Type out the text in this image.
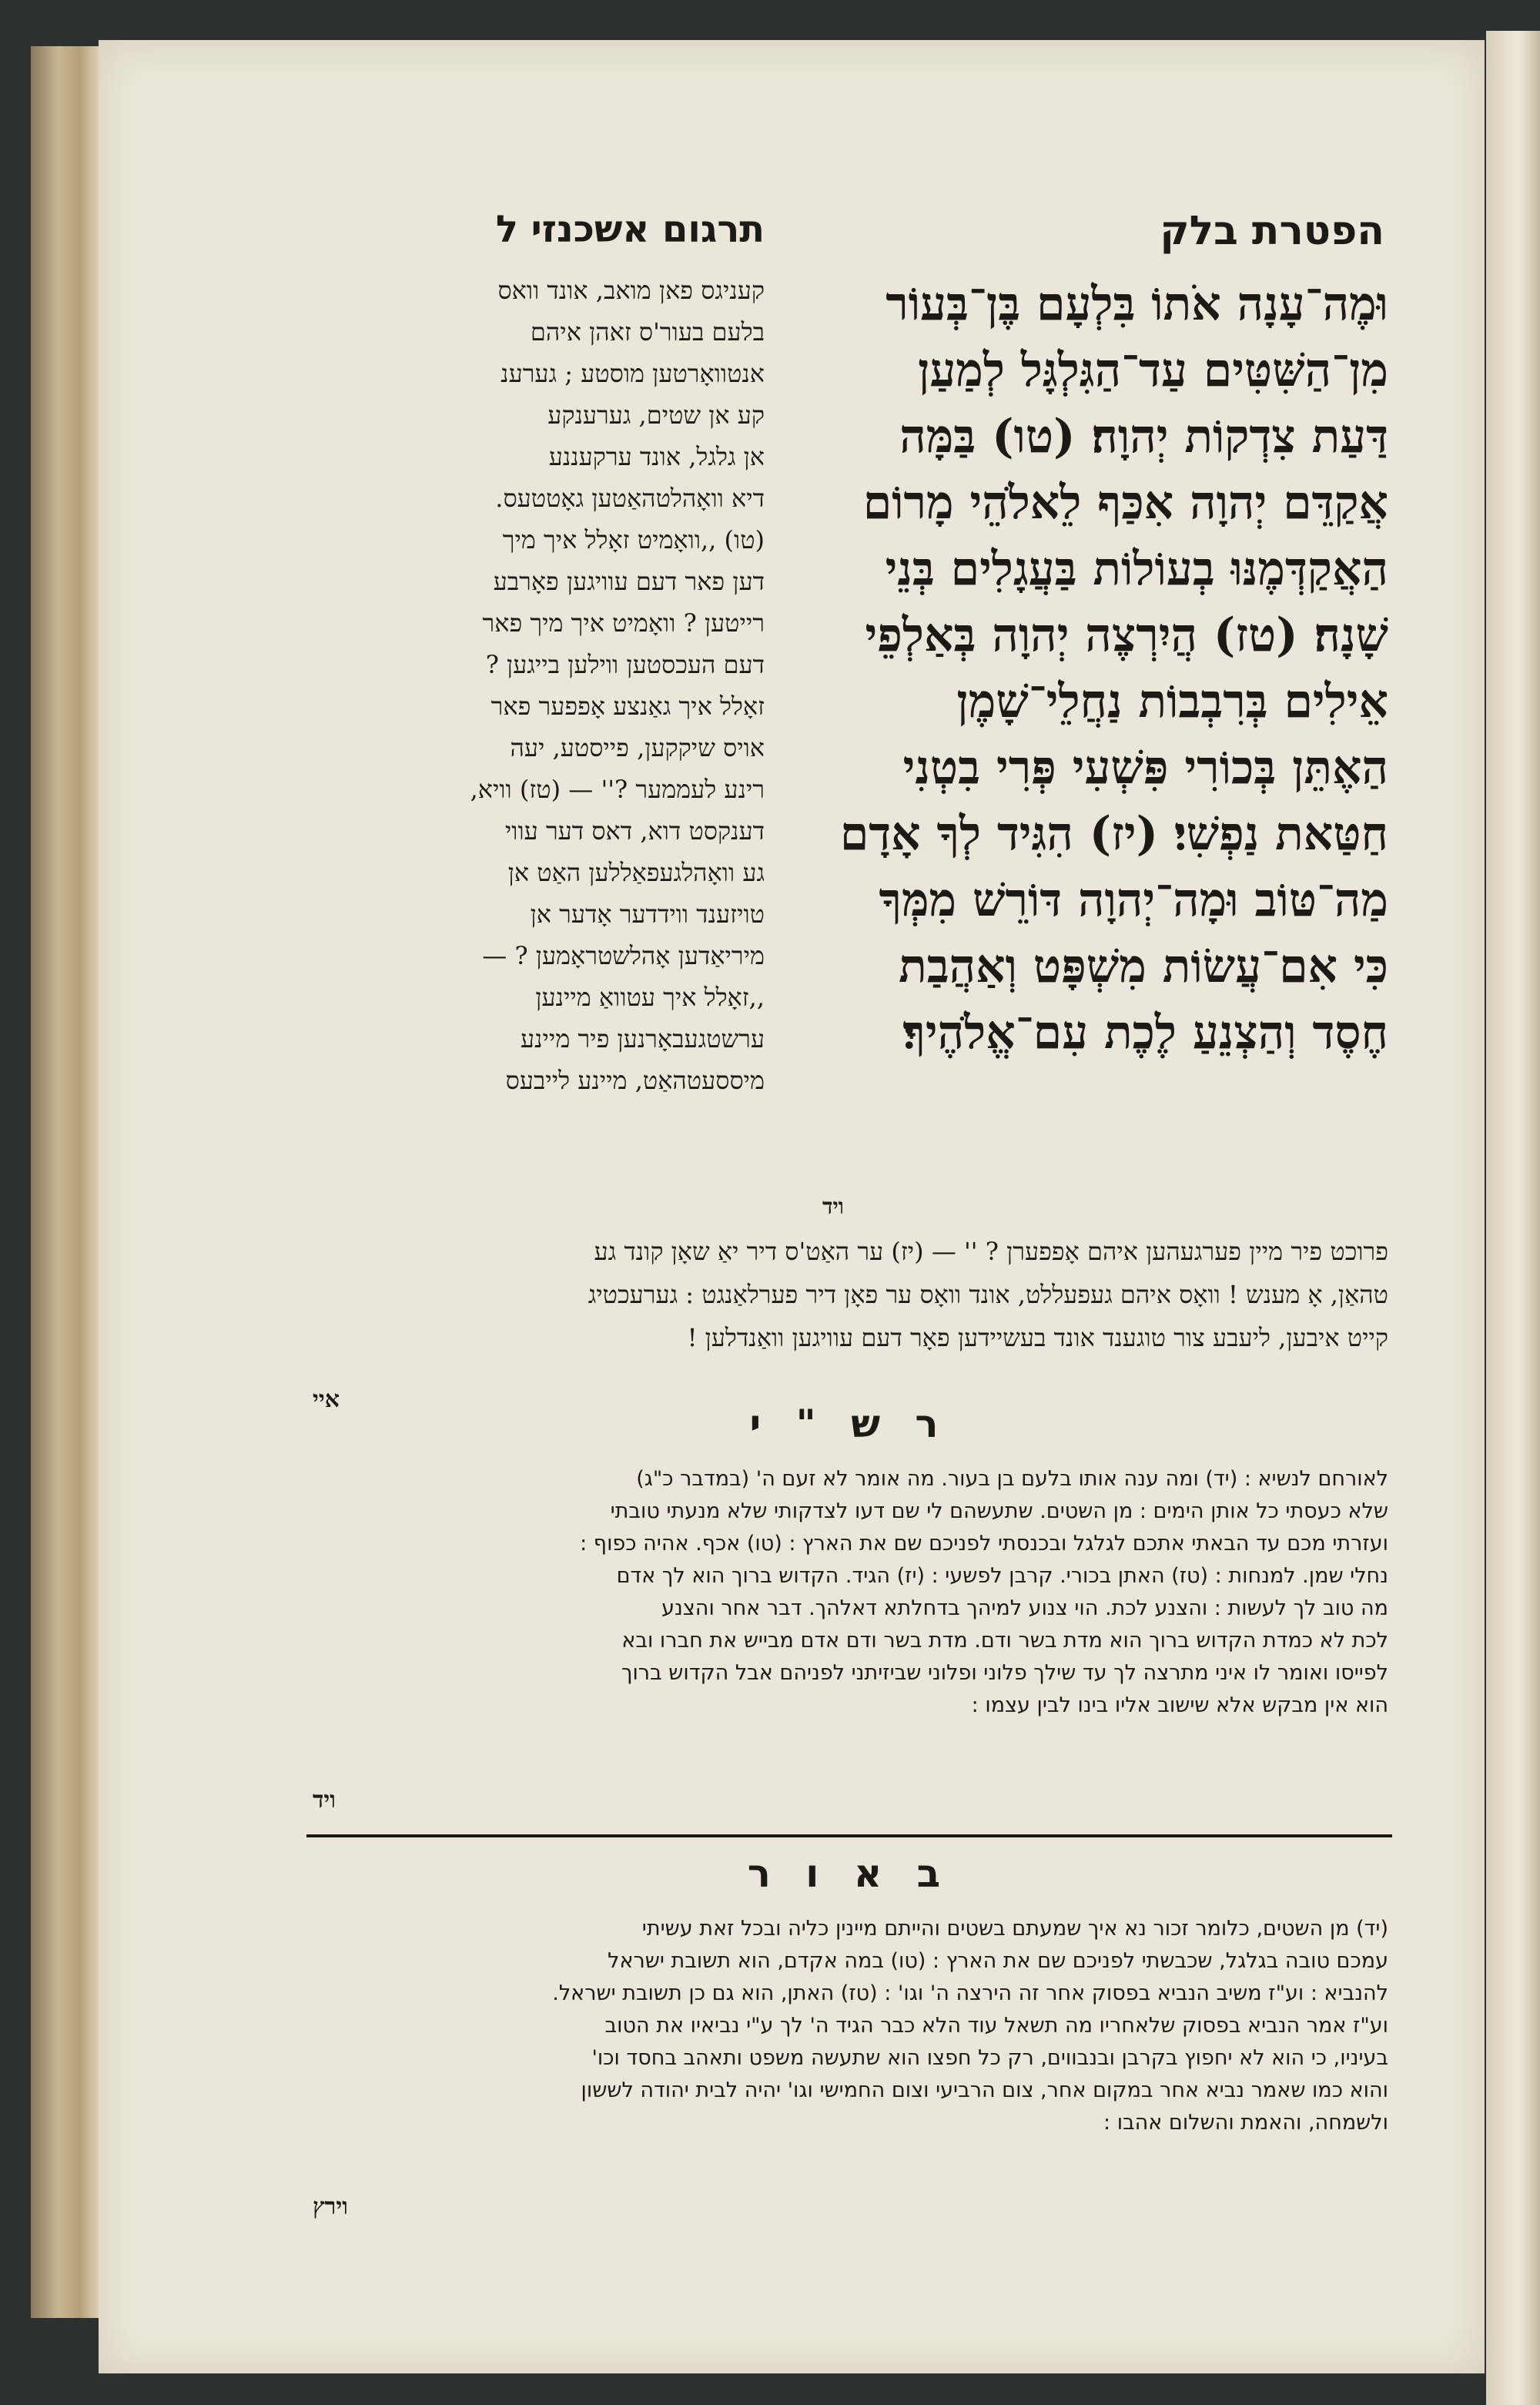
תרגום אשכנזי ל	הפטרת בלק
וּמֶה־עָנָה אֹתוֹ בִּלְעָם בֶּן־בְּעוֹר
מִן־הַשִּׁטִּים עַד־הַגִּלְגָּל לְמַעַן
דַּעַת צִדְקוֹת יְהוָה׃ (טו) בַּמָּה
אֲקַדֵּם יְהוָה אִכַּף לֵאלֹהֵי מָרוֹם
הַאֲקַדְּמֶנּוּ בְעוֹלוֹת בַּעֲגָלִים בְּנֵי
שָׁנָה׃ (טז) הֲיִרְצֶה יְהוָה בְּאַלְפֵי
אֵילִים בְּרִבְבוֹת נַחֲלֵי־שָׁמֶן
הַאֶתֵּן בְּכוֹרִי פִּשְׁעִי פְּרִי בִטְנִי
חַטַּאת נַפְשִׁי׃ (יז) הִגִּיד לְךָ אָדָם
מַה־טּוֹב וּמָה־יְהוָה דּוֹרֵשׁ מִמְּךָ
כִּי אִם־עֲשׂוֹת מִשְׁפָּט וְאַהֲבַת
חֶסֶד וְהַצְנֵעַ לֶכֶת עִם־אֱלֹהֶיךָ׃
ויד
קעניגס פאן מואב, אונד וואס
בלעם בעור'ס זאהן איהם
אנטוואָרטען מוסטע ; גערענ
קע אן שטים, גערענקע
אן גלגל, אונד ערקעננע
דיא וואָהלטהאַטען גאָטטעס.
(טו) ,,וואָמיט זאָלל איך מיך
דען פאר דעם עוויגען פאָרבע
רייטען ? וואָמיט איך מיך פאר
דעם העכסטען ווילען בייגען ?
זאָלל איך גאַנצע אָפפער פאר
אויס שיקקען, פייסטע, יעה
רינע לעממער ?'' — (טז) וויא,
דענקסט דוא, דאס דער עווי
גע וואָהלגעפאַללען האַט אן
טויזענד ווידדער אָדער אן
מיריאַדען אָהלשטראָמען ? —
,,זאָלל איך עטוואַ מיינען
ערשטגעבאָרנען פיר מיינע
מיססעטהאַט, מיינע לייבעס
פרוכט פיר מיין פערגעהען איהם אָפפערן ? '' — (יז) ער האַט'ס דיר יאַ שאָן קונד גע
טהאַן, אָ מענש ! וואָס איהם געפעללט, אונד וואָס ער פאָן דיר פערלאַנגט : גערעכטיג
קייט איבען, ליעבע צור טוגענד אונד בעשיידען פאָר דעם עוויגען וואַנדלען !
איי
ר ש " י
לאורחם לנשיא : (יד) ומה ענה אותו בלעם בן בעור. מה אומר לא זעם ה' (במדבר כ"ג)
שלא כעסתי כל אותן הימים : מן השטים. שתעשהם לי שם דעו לצדקותי שלא מנעתי טובתי
ועזרתי מכם עד הבאתי אתכם לגלגל ובכנסתי לפניכם שם את הארץ : (טו) אכף. אהיה כפוף :
נחלי שמן. למנחות : (טז) האתן בכורי. קרבן לפשעי : (יז) הגיד. הקדוש ברוך הוא לך אדם
מה טוב לך לעשות : והצנע לכת. הוי צנוע למיהך בדחלתא דאלהך. דבר אחר והצנע
לכת לא כמדת הקדוש ברוך הוא מדת בשר ודם. מדת בשר ודם אדם מבייש את חברו ובא
לפייסו ואומר לו איני מתרצה לך עד שילך פלוני ופלוני שביזיתני לפניהם אבל הקדוש ברוך
הוא אין מבקש אלא שישוב אליו בינו לבין עצמו :
ויד
ב א ו ר
(יד) מן השטים, כלומר זכור נא איך שמעתם בשטים והייתם מיינין כליה ובכל זאת עשיתי
עמכם טובה בגלגל, שכבשתי לפניכם שם את הארץ : (טו) במה אקדם, הוא תשובת ישראל
להנביא : וע"ז משיב הנביא בפסוק אחר זה הירצה ה' וגו' : (טז) האתן, הוא גם כן תשובת ישראל.
וע"ז אמר הנביא בפסוק שלאחריו מה תשאל עוד הלא כבר הגיד ה' לך ע"י נביאיו את הטוב
בעיניו, כי הוא לא יחפוץ בקרבן ובנבווים, רק כל חפצו הוא שתעשה משפט ותאהב בחסד וכו'
והוא כמו שאמר נביא אחר במקום אחר, צום הרביעי וצום החמישי וגו' יהיה לבית יהודה לששון
ולשמחה, והאמת והשלום אהבו :
וירץ
